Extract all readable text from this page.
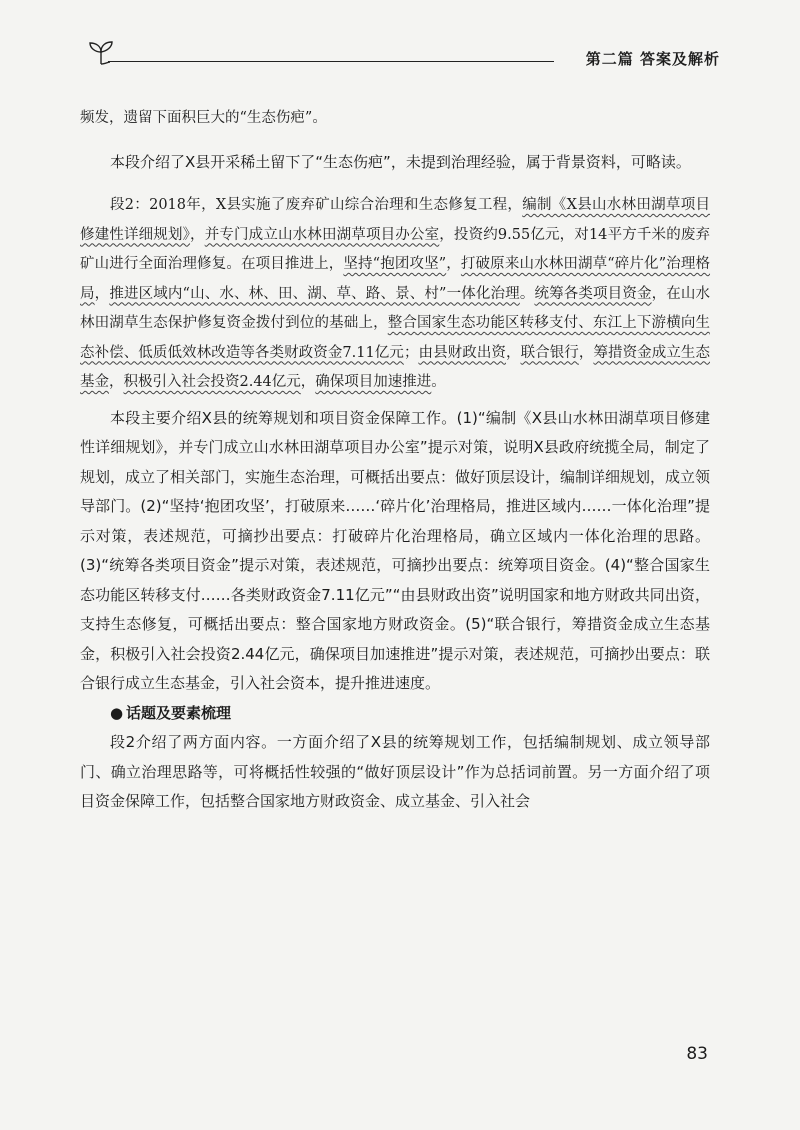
第二篇 答案及解析

频发，遗留下面积巨大的“生态伤疤”。

本段介绍了X县开采稀土留下了“生态伤疤”，未提到治理经验，属于背景资料，可略读。

段2：2018年，X县实施了废弃矿山综合治理和生态修复工程，编制《X县山水林田湖草项目修建性详细规划》，并专门成立山水林田湖草项目办公室，投资约9.55亿元，对14平方千米的废弃矿山进行全面治理修复。在项目推进上，坚持“抱团攻坚”，打破原来山水林田湖草“碎片化”治理格局，推进区域内“山、水、林、田、湖、草、路、景、村”一体化治理。统筹各类项目资金，在山水林田湖草生态保护修复资金拨付到位的基础上，整合国家生态功能区转移支付、东江上下游横向生态补偿、低质低效林改造等各类财政资金7.11亿元；由县财政出资，联合银行，筹措资金成立生态基金，积极引入社会投资2.44亿元，确保项目加速推进。

本段主要介绍X县的统筹规划和项目资金保障工作。(1)“编制《X县山水林田湖草项目修建性详细规划》，并专门成立山水林田湖草项目办公室”提示对策，说明X县政府统揽全局，制定了规划，成立了相关部门，实施生态治理，可概括出要点：做好顶层设计，编制详细规划，成立领导部门。(2)“坚持‘抱团攻坚’，打破原来……‘碎片化’治理格局，推进区域内……一体化治理”提示对策，表述规范，可摘抄出要点：打破碎片化治理格局，确立区域内一体化治理的思路。(3)“统筹各类项目资金”提示对策，表述规范，可摘抄出要点：统筹项目资金。(4)“整合国家生态功能区转移支付……各类财政资金7.11亿元”“由县财政出资”说明国家和地方财政共同出资，支持生态修复，可概括出要点：整合国家地方财政资金。(5)“联合银行，筹措资金成立生态基金，积极引入社会投资2.44亿元，确保项目加速推进”提示对策，表述规范，可摘抄出要点：联合银行成立生态基金，引入社会资本，提升推进速度。

● 话题及要素梳理

段2介绍了两方面内容。一方面介绍了X县的统筹规划工作，包括编制规划、成立领导部门、确立治理思路等，可将概括性较强的“做好顶层设计”作为总括词前置。另一方面介绍了项目资金保障工作，包括整合国家地方财政资金、成立基金、引入社会

83
